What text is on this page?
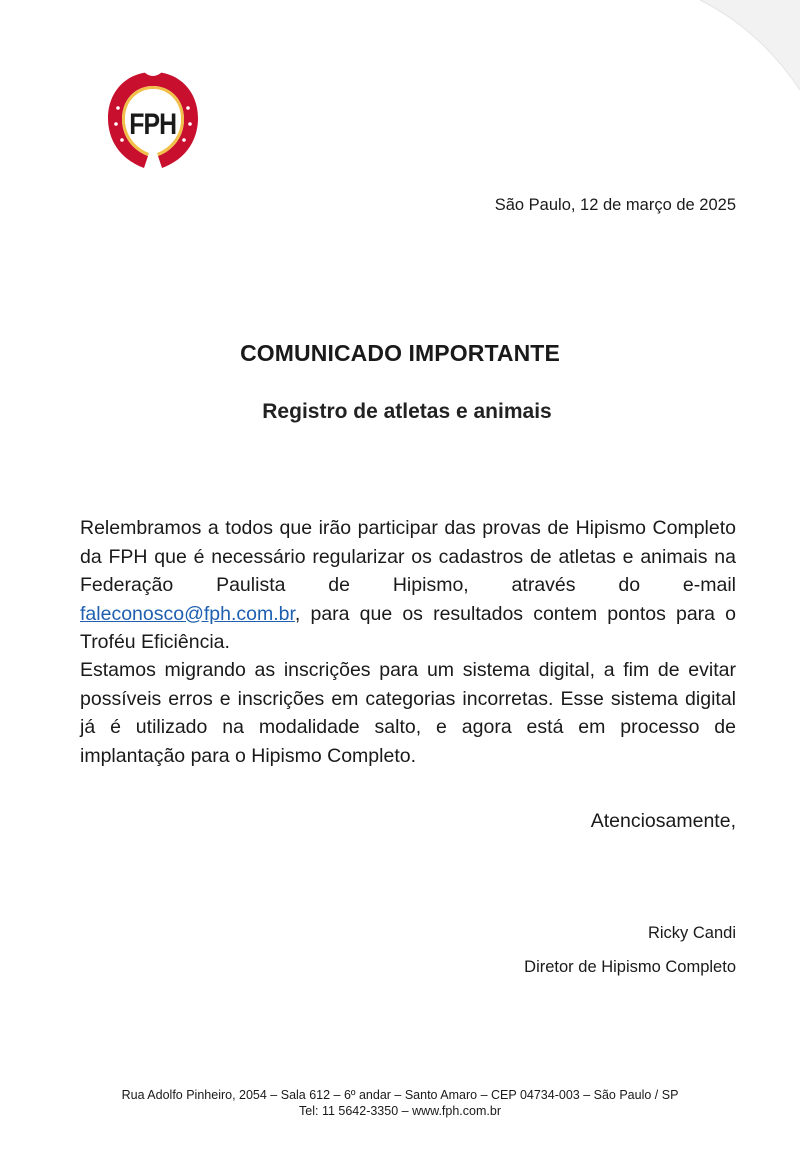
FPH
São Paulo, 12 de março de 2025
COMUNICADO IMPORTANTE
Registro de atletas e animais
Relembramos a todos que irão participar das provas de Hipismo Completo da FPH que é necessário regularizar os cadastros de atletas e animais na Federação Paulista de Hipismo, através do e-mail faleconosco@fph.com.br, para que os resultados contem pontos para o Troféu Eficiência.
Estamos migrando as inscrições para um sistema digital, a fim de evitar possíveis erros e inscrições em categorias incorretas. Esse sistema digital já é utilizado na modalidade salto, e agora está em processo de implantação para o Hipismo Completo.
Atenciosamente,
Ricky Candi
Diretor de Hipismo Completo
Rua Adolfo Pinheiro, 2054 – Sala 612 – 6º andar – Santo Amaro – CEP 04734-003 – São Paulo / SP
Tel: 11 5642-3350 – www.fph.com.br
